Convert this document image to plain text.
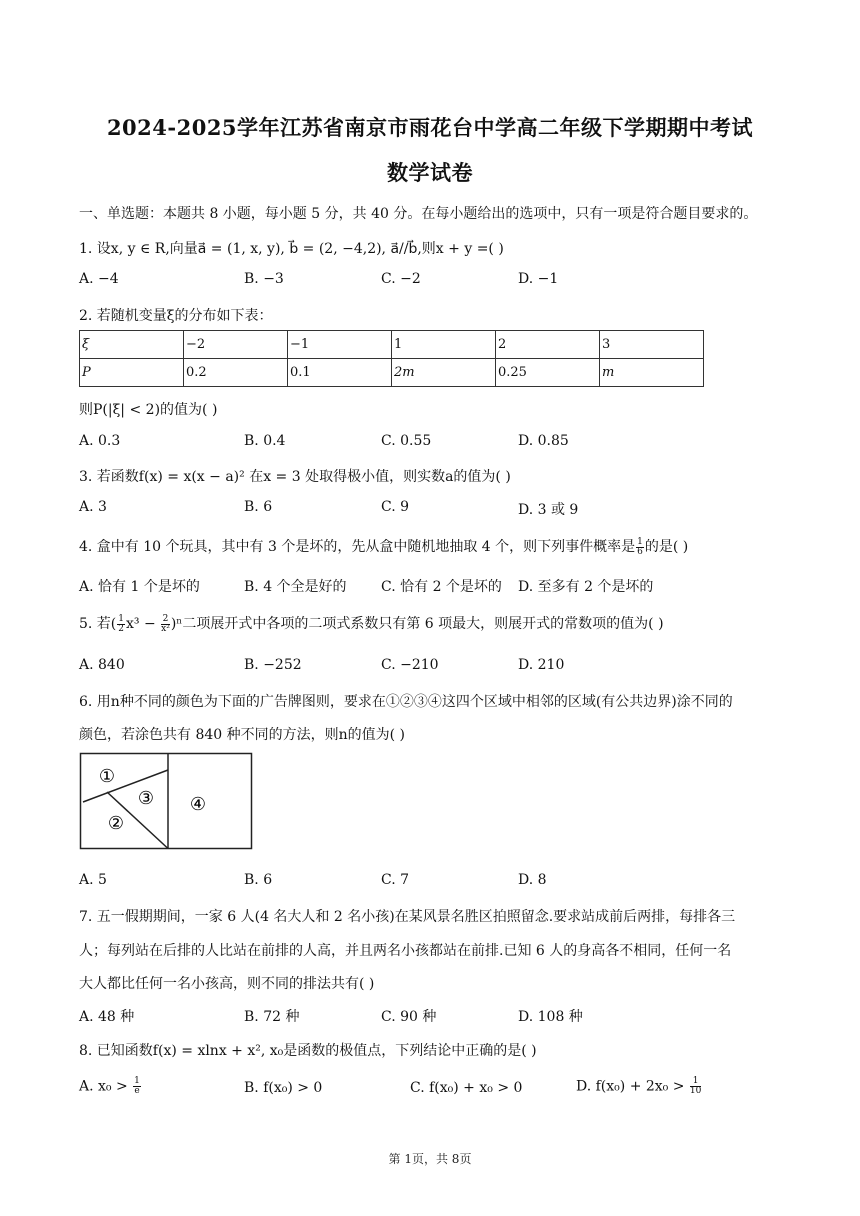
2024-2025学年江苏省南京市雨花台中学高二年级下学期期中考试
数学试卷
一、单选题：本题共 8 小题，每小题 5 分，共 40 分。在每小题给出的选项中，只有一项是符合题目要求的。
1. 设x, y ∈ R,向量a⃗ = (1, x, y), b⃗ = (2, −4,2), a⃗//b⃗,则x + y =( )
A. −4	B. −3	C. −2	D. −1
2. 若随机变量ξ的分布如下表：
ξ	−2	−1	1	2	3
P	0.2	0.1	2m	0.25	m
则P(|ξ| < 2)的值为( )
A. 0.3	B. 0.4	C. 0.55	D. 0.85
3. 若函数f(x) = x(x − a)² 在x = 3 处取得极小值，则实数a的值为( )
A. 3	B. 6	C. 9	D. 3 或 9
4. 盒中有 10 个玩具，其中有 3 个是坏的，先从盒中随机地抽取 4 个，则下列事件概率是 $\frac{1}{6}$ 的是( )
A. 恰有 1 个是坏的	B. 4 个全是好的 C. 恰有 2 个是坏的 D. 至多有 2 个是坏的
5. 若( $\frac{1}{2} x^3 - \frac{2}{\text{x²}} )^n$二项展开式中各项的二项式系数只有第 6 项最大，则展开式的常数项的值为( )
A. 840	B. −252	C. −210	D. 210
6. 用n种不同的颜色为下面的广告牌图则，要求在①②③④这四个区域中相邻的区域(有公共边界)涂不同的
颜色，若涂色共有 840 种不同的方法，则n的值为( )
①
②
③ ④
A. 5	B. 6	C. 7	D. 8
7. 五一假期期间，一家 6 人(4 名大人和 2 名小孩)在某风景名胜区拍照留念.要求站成前后两排，每排各三
人；每列站在后排的人比站在前排的人高，并且两名小孩都站在前排.已知 6 人的身高各不相同，任何一名
大人都比任何一名小孩高，则不同的排法共有( )
A. 48 种	B. 72 种	C. 90 种	D. 108 种
8. 已知函数f(x) = xlnx + x², x₀是函数的极值点，下列结论中正确的是( )
A. $x_0 > \frac{1}{e}$	B. f(x₀) > 0	C. f(x₀) + x₀ > 0	D. $f(x_0) + 2x_0 > \frac{1}{10}$
第 1页，共 8页
